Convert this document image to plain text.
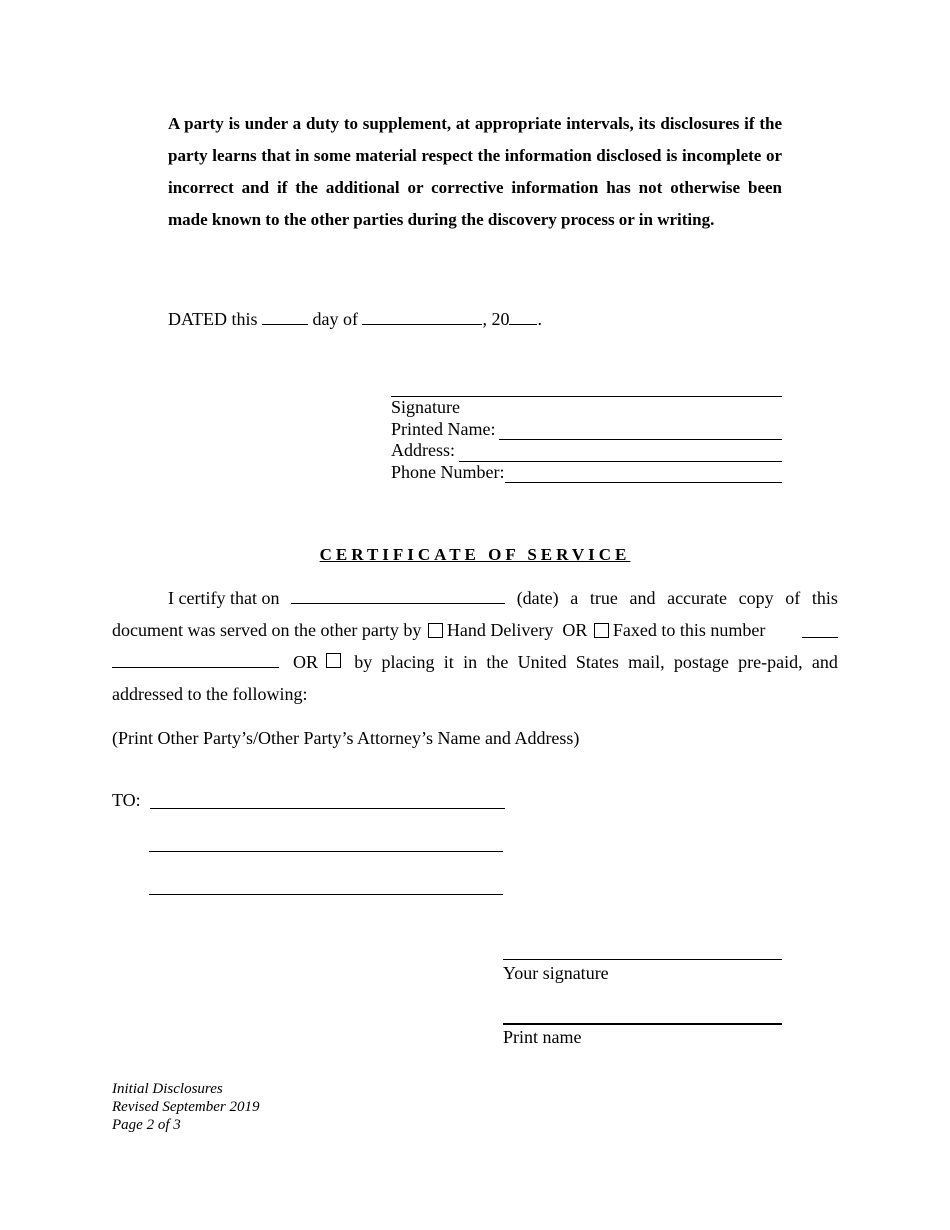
A party is under a duty to supplement, at appropriate intervals, its disclosures if the party learns that in some material respect the information disclosed is incomplete or incorrect and if the additional or corrective information has not otherwise been made known to the other parties during the discovery process or in writing.
DATED this	day of	, 20 .
Signature
Printed Name:
Address:
Phone Number:
CERTIFICATE OF SERVICE
I certify that on	(date) a true and accurate copy of this
document was served on the other party by Hand Delivery OR Faxed to this number
OR by placing it in the United States mail, postage pre-paid, and
addressed to the following:
(Print Other Party’s/Other Party’s Attorney’s Name and Address)
TO:
Your signature
Print name
Initial Disclosures
Revised September 2019
Page 2 of 3
